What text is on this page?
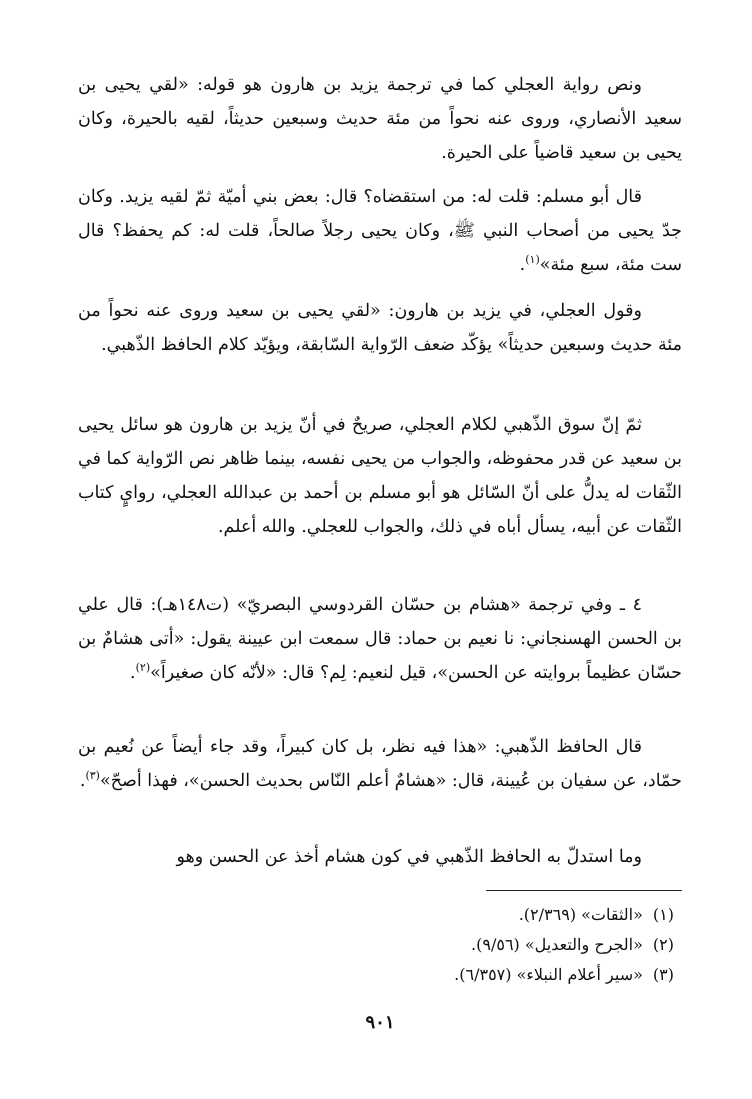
ونص رواية العجلي كما في ترجمة يزيد بن هارون هو قوله: «لقي يحيى بن سعيد الأنصاري، وروى عنه نحواً من مئة حديث وسبعين حديثاً، لقيه بالحيرة، وكان يحيى بن سعيد قاضياً على الحيرة.

قال أبو مسلم: قلت له: من استقضاه؟ قال: بعض بني أميّة ثمّ لقيه يزيد. وكان جدّ يحيى من أصحاب النبي ﷺ، وكان يحيى رجلاً صالحاً، قلت له: كم يحفظ؟ قال ست مئة، سبع مئة»$^{(١)}$.

وقول العجلي، في يزيد بن هارون: «لقي يحيى بن سعيد وروى عنه نحواً من مئة حديث وسبعين حديثاً» يؤكّد ضعف الرّواية السّابقة، ويؤيّد كلام الحافظ الذّهبي.

ثمّ إنّ سوق الذّهبي لكلام العجلي، صريحٌ في أنّ يزيد بن هارون هو سائل يحيى بن سعيد عن قدر محفوظه، والجواب من يحيى نفسه، بينما ظاهر نص الرّواية كما في الثّقات له يدلُّ على أنّ السّائل هو أبو مسلم بن أحمد بن عبدالله العجلي، روايٍ كتاب الثّقات عن أبيه، يسأل أباه في ذلك، والجواب للعجلي. والله أعلم.

٤ ـ وفي ترجمة «هشام بن حسّان القردوسي البصريّ» (ت١٤٨هـ): قال علي بن الحسن الهسنجاني: نا نعيم بن حماد: قال سمعت ابن عيينة يقول: «أتى هشامٌ بن حسّان عظيماً بروايته عن الحسن»، قيل لنعيم: لِم؟ قال: «لأنّه كان صغيراً»$^{(٢)}$.

قال الحافظ الذّهبي: «هذا فيه نظر، بل كان كبيراً، وقد جاء أيضاً عن نُعيم بن حمّاد، عن سفيان بن عُيينة، قال: «هشامٌ أعلم النّاس بحديث الحسن»، فهذا أصحّ»$^{(٣)}$.

وما استدلّ به الحافظ الذّهبي في كون هشام أخذ عن الحسن وهو

(١)«الثقات» (٢/٣٦٩).

(٢)«الجرح والتعديل» (٩/٥٦).

(٣)«سير أعلام النبلاء» (٦/٣٥٧).

٩٠١
